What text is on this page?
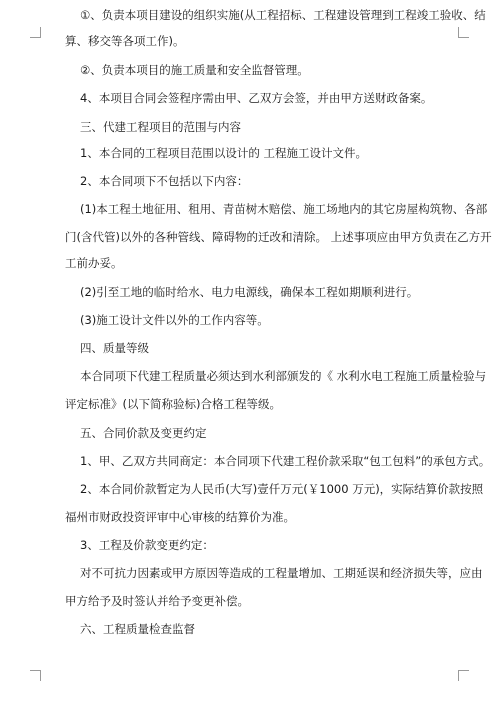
①、负责本项目建设的组织实施(从工程招标、工程建设管理到工程竣工验收、结
算、移交等各项工作)。
②、负责本项目的施工质量和安全监督管理。
4、本项目合同会签程序需由甲、乙双方会签，并由甲方送财政备案。
三、代建工程项目的范围与内容
1、本合同的工程项目范围以设计的 工程施工设计文件。
2、本合同项下不包括以下内容：
(1)本工程土地征用、租用、青苗树木赔偿、施工场地内的其它房屋构筑物、各部
门(含代管)以外的各种管线、障碍物的迁改和清除。 上述事项应由甲方负责在乙方开
工前办妥。
(2)引至工地的临时给水、电力电源线，确保本工程如期顺利进行。
(3)施工设计文件以外的工作内容等。
四、质量等级
本合同项下代建工程质量必须达到水利部颁发的《 水利水电工程施工质量检验与
评定标准》(以下简称验标)合格工程等级。
五、合同价款及变更约定
1、甲、乙双方共同商定：本合同项下代建工程价款采取“包工包料”的承包方式。
2、本合同价款暂定为人民币(大写)壹仟万元(￥1000 万元)，实际结算价款按照
福州市财政投资评审中心审核的结算价为准。
3、工程及价款变更约定：
对不可抗力因素或甲方原因等造成的工程量增加、工期延误和经济损失等，应由
甲方给予及时签认并给予变更补偿。
六、工程质量检查监督
